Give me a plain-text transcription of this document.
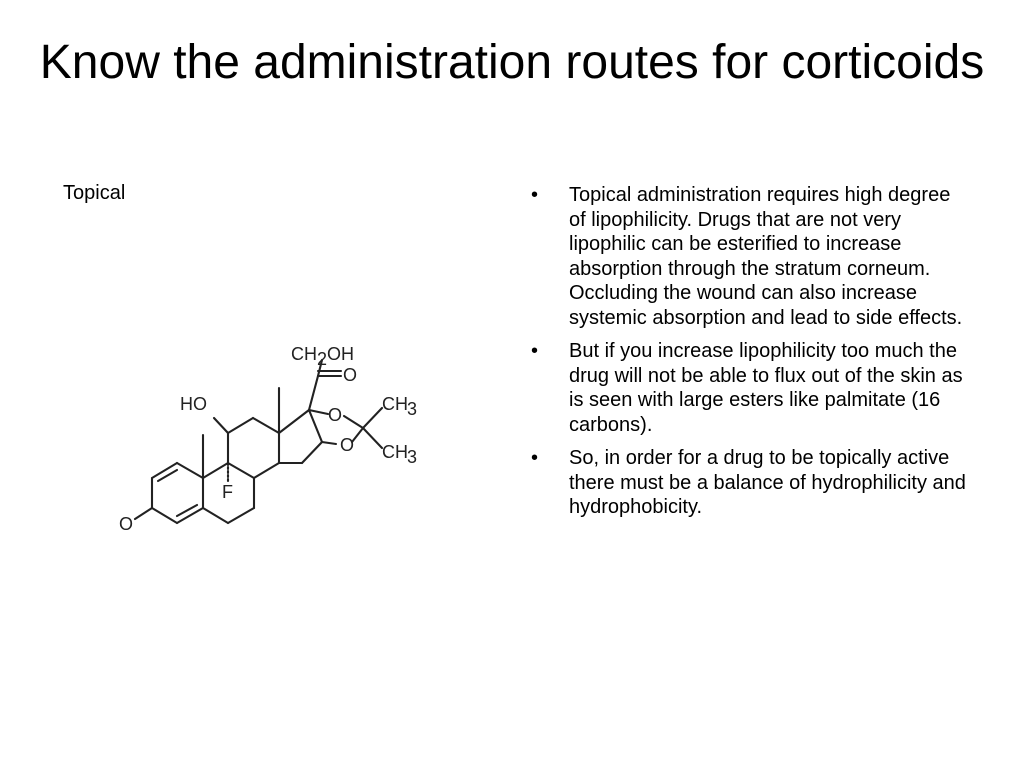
Know the administration routes for corticoids
Topical
CH 2 OH
O
HO
O
O
CH 3
CH 3
F
O
•	Topical administration requires high degree of lipophilicity. Drugs that are not very lipophilic can be esterified to increase absorption through the stratum corneum. Occluding the wound can also increase systemic absorption and lead to side effects.
•	But if you increase lipophilicity too much the drug will not be able to flux out of the skin as is seen with large esters like palmitate (16 carbons).
•	So, in order for a drug to be topically active there must be a balance of hydrophilicity and hydrophobicity.
